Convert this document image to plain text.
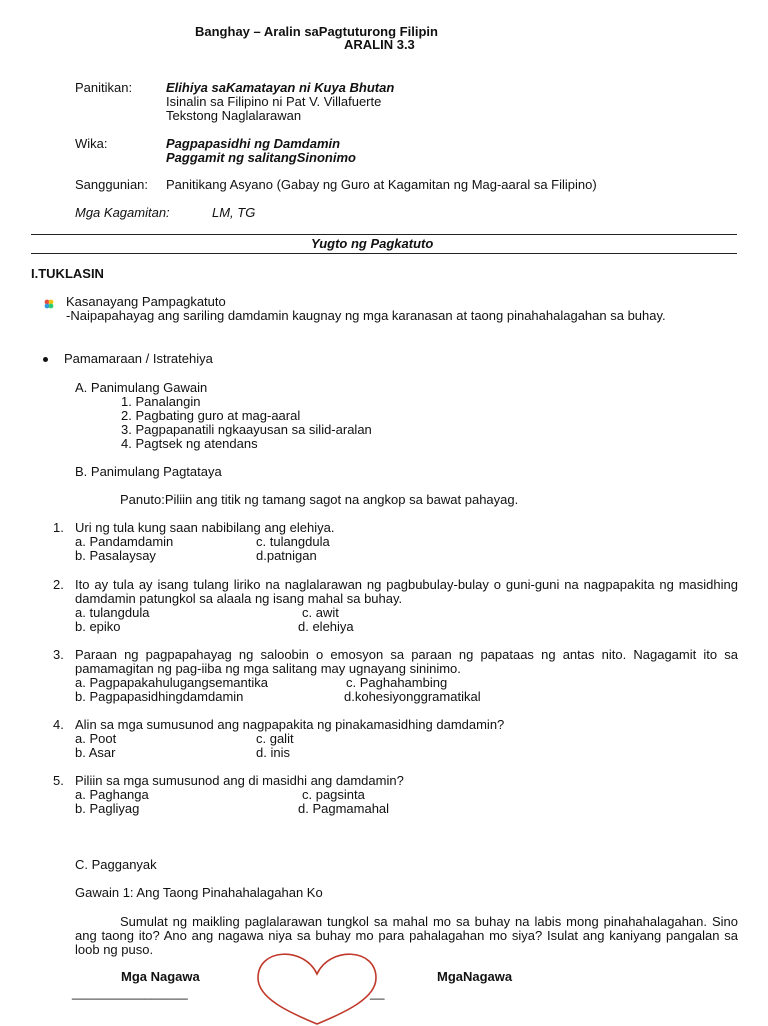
Banghay – Aralin saPagtuturong Filipin
ARALIN 3.3
Panitikan:	Elihiya saKamatayan ni Kuya Bhutan
Isinalin sa Filipino ni Pat V. Villafuerte
Tekstong Naglalarawan
Wika:	Pagpapasidhi ng Damdamin
Paggamit ng salitangSinonimo
Sanggunian: Panitikang Asyano (Gabay ng Guro at Kagamitan ng Mag-aaral sa Filipino)
Mga Kagamitan:	LM, TG
Yugto ng Pagkatuto
I.TUKLASIN
Kasanayang Pampagkatuto
-Naipapahayag ang sariling damdamin kaugnay ng mga karanasan at taong pinahahalagahan sa buhay.
Pamamaraan / Istratehiya
A. Panimulang Gawain
1. Panalangin
2. Pagbating guro at mag-aaral
3. Pagpapanatili ngkaayusan sa silid-aralan
4. Pagtsek ng atendans
B. Panimulang Pagtataya
Panuto:Piliin ang titik ng tamang sagot na angkop sa bawat pahayag.
1. Uri ng tula kung saan nabibilang ang elehiya.
a. Pandamdamin	c. tulangdula
b. Pasalaysay	d.patnigan
2. Ito ay tula ay isang tulang liriko na naglalarawan ng pagbubulay-bulay o guni-guni na nagpapakita ng masidhing damdamin patungkol sa alaala ng isang mahal sa buhay.
a. tulangdula	c. awit
b. epiko	d. elehiya
3. Paraan ng pagpapahayag ng saloobin o emosyon sa paraan ng papataas ng antas nito. Nagagamit ito sa pamamagitan ng pag-iiba ng mga salitang may ugnayang sininimo.
a. Pagpapakahulugangsemantika	c. Paghahambing
b. Pagpapasidhingdamdamin	d.kohesiyonggramatikal
4. Alin sa mga sumusunod ang nagpapakita ng pinakamasidhing damdamin?
a. Poot	c. galit
b. Asar	d. inis
5. Piliin sa mga sumusunod ang di masidhi ang damdamin?
a. Paghanga	c. pagsinta
b. Pagliyag	d. Pagmamahal
C. Pagganyak
Gawain 1: Ang Taong Pinahahalagahan Ko
Sumulat ng maikling paglalarawan tungkol sa mahal mo sa buhay na labis mong pinahahalagahan. Sino ang taong ito? Ano ang nagawa niya sa buhay mo para pahalagahan mo siya? Isulat ang kaniyang pangalan sa loob ng puso.
Mga Nagawa	MgaNagawa
________________	__
